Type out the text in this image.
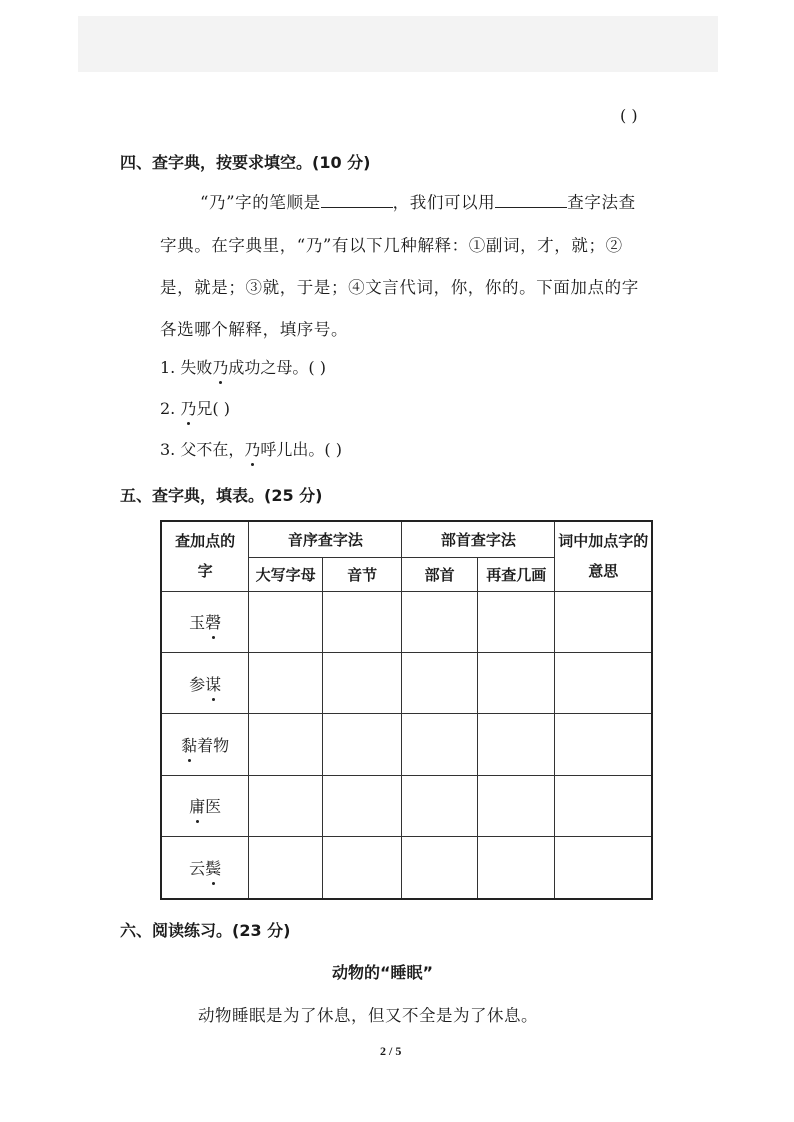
( )
四、查字典，按要求填空。(10 分)
“乃”字的笔顺是	，我们可以用	查字法查
字典。在字典里，“乃”有以下几种解释：①副词，才，就；②
是，就是；③就，于是；④文言代词，你，你的。下面加点的字
各选哪个解释，填序号。
1. 失败乃成功之母。( )
2. 乃兄( )
3. 父不在，乃呼儿出。( )
五、查字典，填表。(25 分)
查加点的字	音序查字法		部首查字法		词中加点字的意思

	大写字母	音节	部首	再查几画	
玉磬					
参谋					
黏着物					
庸医					
云鬓					
六、阅读练习。(23 分)
动物的“睡眠”
动物睡眠是为了休息，但又不全是为了休息。
2 / 5
